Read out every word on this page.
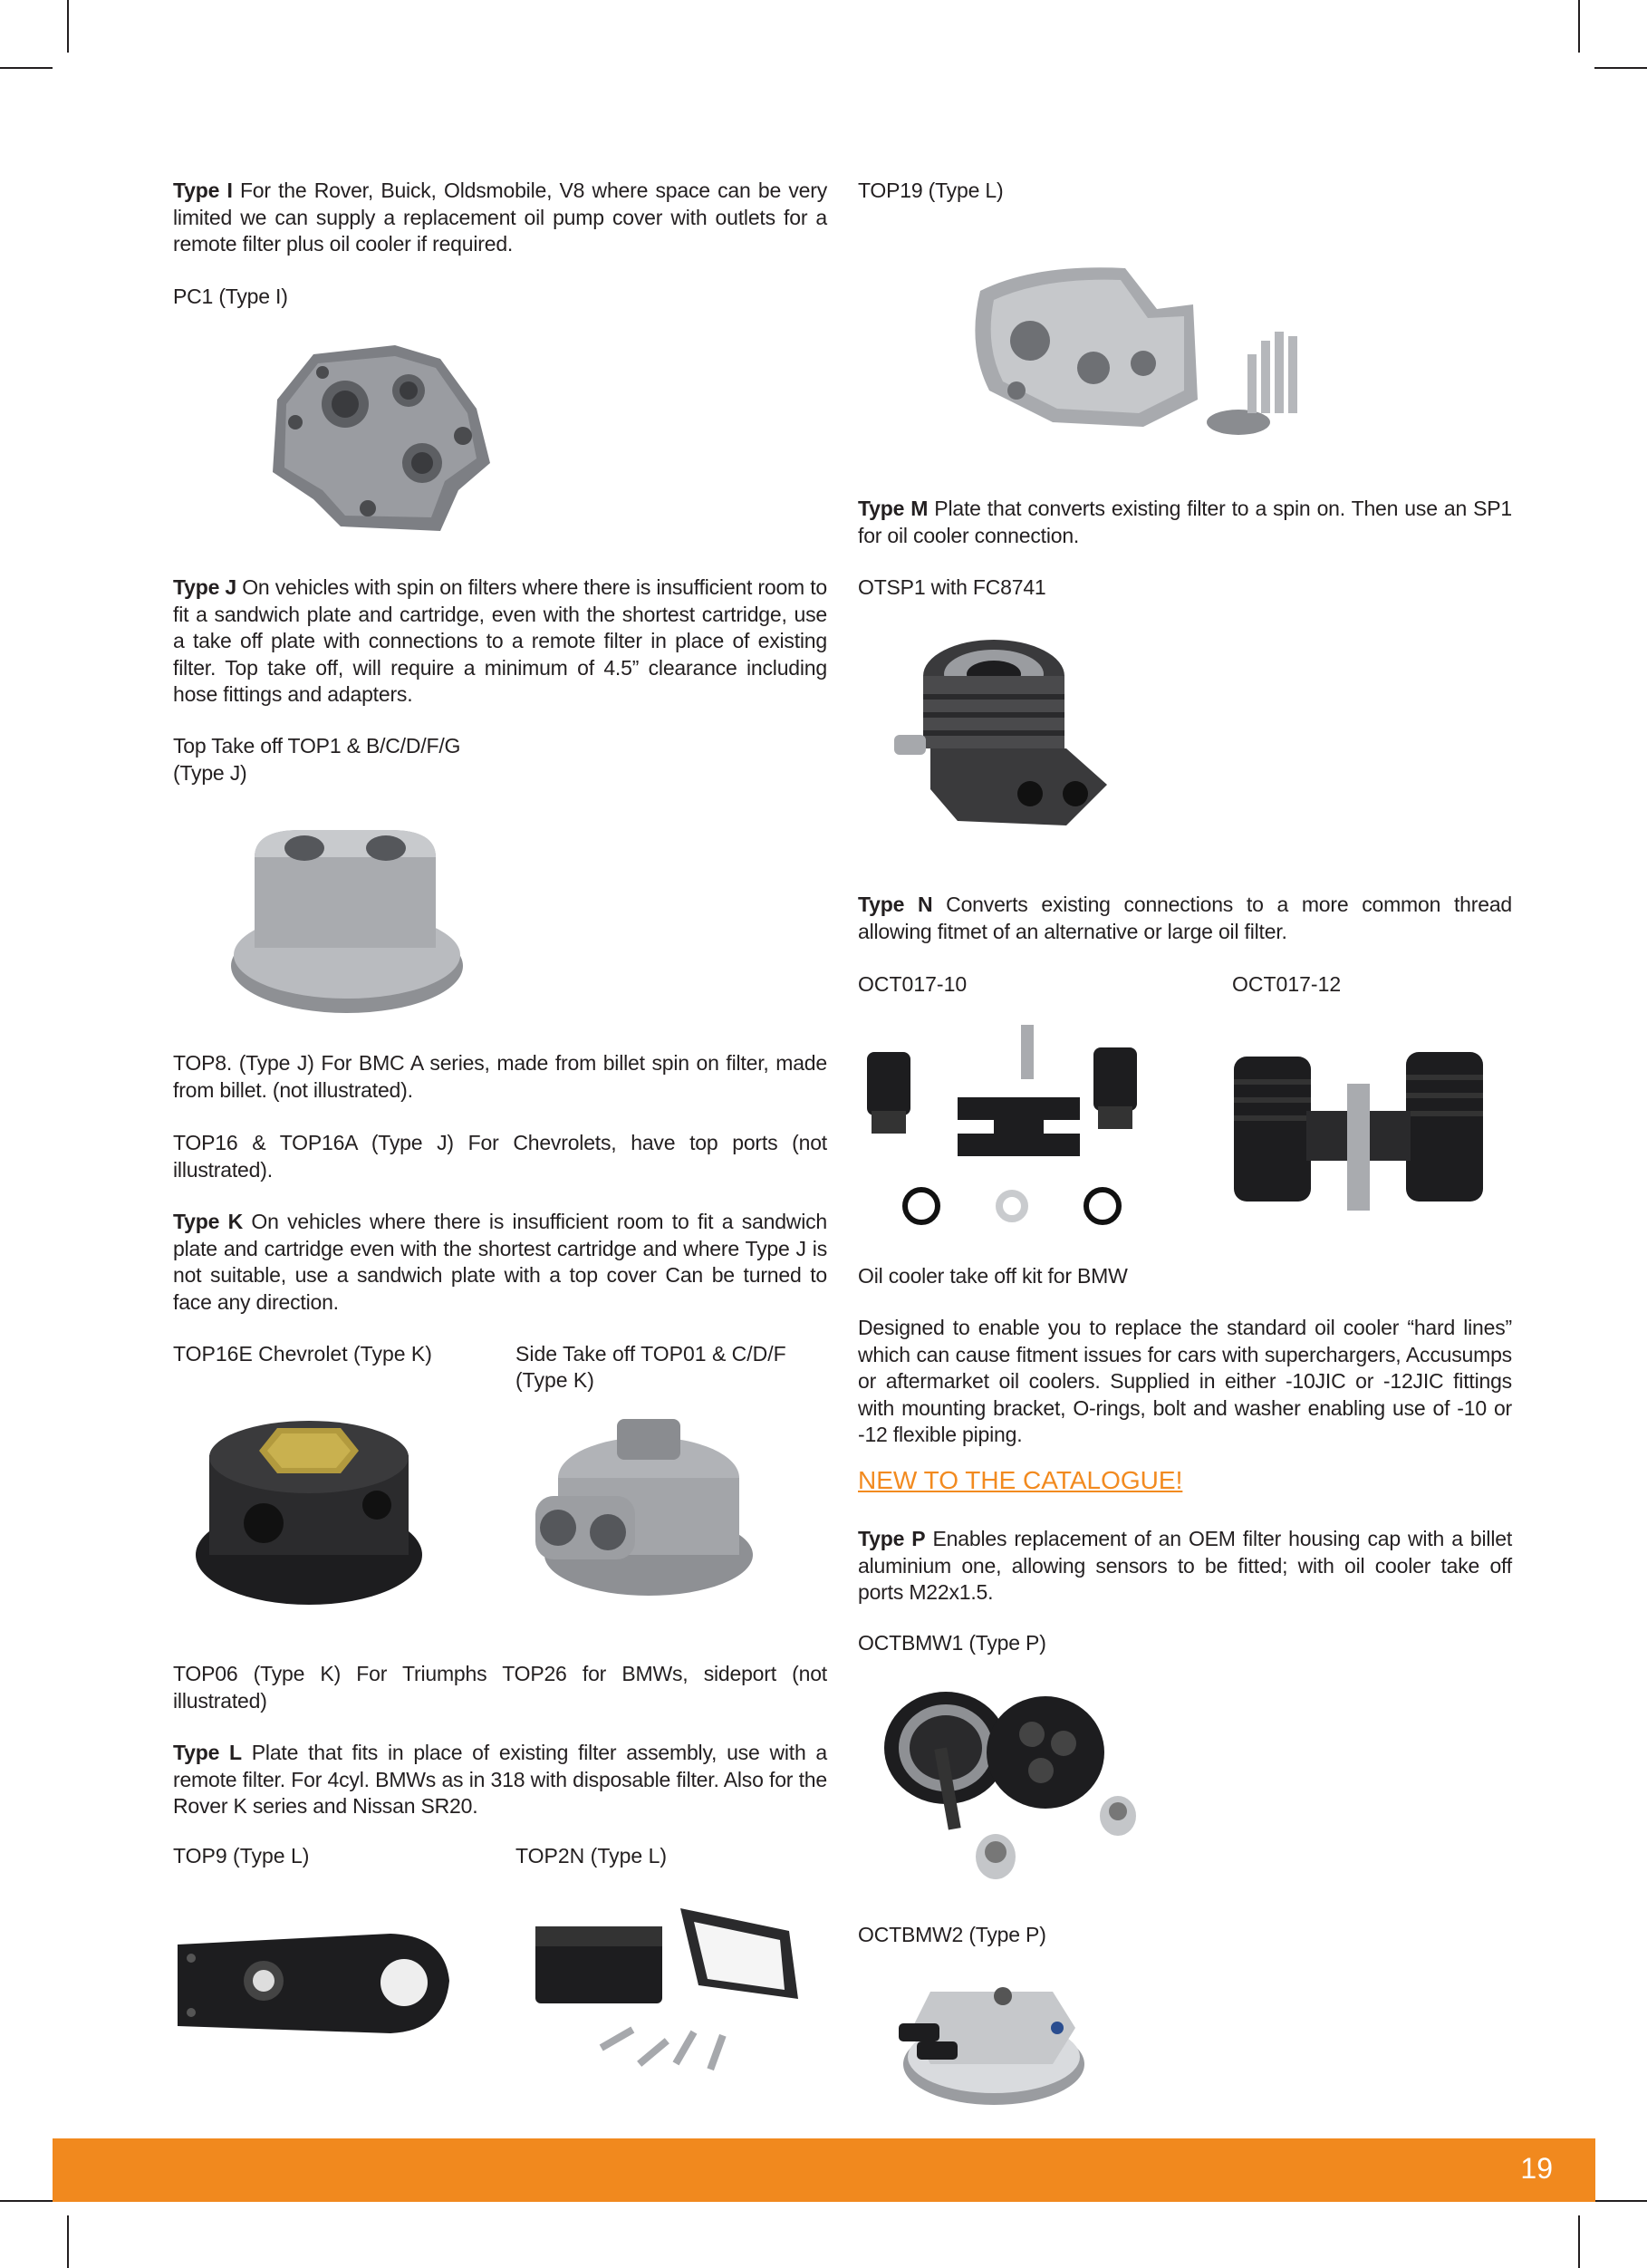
Type I For the Rover, Buick, Oldsmobile, V8 where space can be very limited we can supply a replacement oil pump cover with outlets for a remote filter plus oil cooler if required.

PC1 (Type I)

Type J On vehicles with spin on filters where there is insufficient room to fit a sandwich plate and cartridge, even with the shortest cartridge, use a take off plate with connections to a remote filter in place of existing filter. Top take off, will require a minimum of 4.5” clearance including hose fittings and adapters.

Top Take off TOP1 & B/C/D/F/G

(Type J)

TOP8. (Type J) For BMC A series, made from billet spin on filter, made from billet. (not illustrated).

TOP16 & TOP16A (Type J) For Chevrolets, have top ports (not illustrated).

Type K On vehicles where there is insufficient room to fit a sandwich plate and cartridge even with the shortest cartridge and where Type J is not suitable, use a sandwich plate with a top cover Can be turned to face any direction.

TOP16E Chevrolet (Type K)	Side Take off TOP01 & C/D/F
(Type K)

TOP06 (Type K) For Triumphs TOP26 for BMWs, sideport (not illustrated)

Type L Plate that fits in place of existing filter assembly, use with a remote filter. For 4cyl. BMWs as in 318 with disposable filter. Also for the Rover K series and Nissan SR20.

TOP9 (Type L)	TOP2N (Type L)

TOP19 (Type L)

Type M Plate that converts existing filter to a spin on. Then use an SP1 for oil cooler connection.

OTSP1 with FC8741

Type N Converts existing connections to a more common thread allowing fitmet of an alternative or large oil filter.

OCT017-10	OCT017-12

Oil cooler take off kit for BMW

Designed to enable you to replace the standard oil cooler “hard lines” which can cause fitment issues for cars with superchargers, Accusumps or aftermarket oil coolers. Supplied in either -10JIC or -12JIC fittings with mounting bracket, O-rings, bolt and washer enabling use of -10 or -12 flexible piping.

NEW TO THE CATALOGUE!

Type P Enables replacement of an OEM filter housing cap with a billet aluminium one, allowing sensors to be fitted; with oil cooler take off ports M22x1.5.

OCTBMW1 (Type P)

OCTBMW2 (Type P)

19
